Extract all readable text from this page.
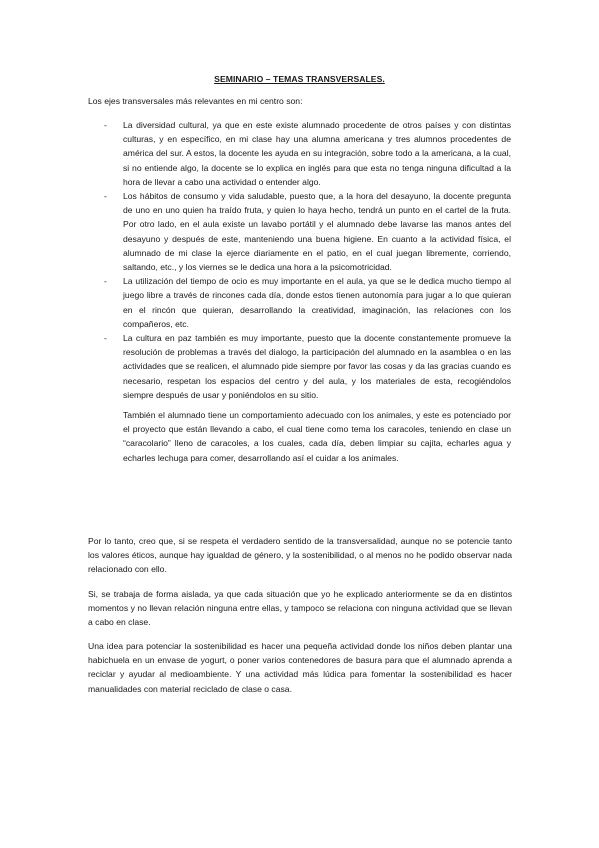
SEMINARIO – TEMAS TRANSVERSALES.

Los ejes transversales más relevantes en mi centro son:

- La diversidad cultural, ya que en este existe alumnado procedente de otros países y con distintas culturas, y en específico, en mi clase hay una alumna americana y tres alumnos procedentes de américa del sur. A estos, la docente les ayuda en su integración, sobre todo a la americana, a la cual, si no entiende algo, la docente se lo explica en inglés para que esta no tenga ninguna dificultad a la hora de llevar a cabo una actividad o entender algo.

- Los hábitos de consumo y vida saludable, puesto que, a la hora del desayuno, la docente pregunta de uno en uno quien ha traído fruta, y quien lo haya hecho, tendrá un punto en el cartel de la fruta. Por otro lado, en el aula existe un lavabo portátil y el alumnado debe lavarse las manos antes del desayuno y después de este, manteniendo una buena higiene. En cuanto a la actividad física, el alumnado de mi clase la ejerce diariamente en el patio, en el cual juegan libremente, corriendo, saltando, etc., y los viernes se le dedica una hora a la psicomotricidad.

- La utilización del tiempo de ocio es muy importante en el aula, ya que se le dedica mucho tiempo al juego libre a través de rincones cada día, donde estos tienen autonomía para jugar a lo que quieran en el rincón que quieran, desarrollando la creatividad, imaginación, las relaciones con los compañeros, etc.

- La cultura en paz también es muy importante, puesto que la docente constantemente promueve la resolución de problemas a través del dialogo, la participación del alumnado en la asamblea o en las actividades que se realicen, el alumnado pide siempre por favor las cosas y da las gracias cuando es necesario, respetan los espacios del centro y del aula, y los materiales de esta, recogiéndolos siempre después de usar y poniéndolos en su sitio.

También el alumnado tiene un comportamiento adecuado con los animales, y este es potenciado por el proyecto que están llevando a cabo, el cual tiene como tema los caracoles, teniendo en clase un “caracolario” lleno de caracoles, a los cuales, cada día, deben limpiar su cajita, echarles agua y echarles lechuga para comer, desarrollando así el cuidar a los animales.

Por lo tanto, creo que, si se respeta el verdadero sentido de la transversalidad, aunque no se potencie tanto los valores éticos, aunque hay igualdad de género, y la sostenibilidad, o al menos no he podido observar nada relacionado con ello.

Si, se trabaja de forma aislada, ya que cada situación que yo he explicado anteriormente se da en distintos momentos y no llevan relación ninguna entre ellas, y tampoco se relaciona con ninguna actividad que se llevan a cabo en clase.

Una idea para potenciar la sostenibilidad es hacer una pequeña actividad donde los niños deben plantar una habichuela en un envase de yogurt, o poner varios contenedores de basura para que el alumnado aprenda a reciclar y ayudar al medioambiente. Y una actividad más lúdica para fomentar la sostenibilidad es hacer manualidades con material reciclado de clase o casa.
